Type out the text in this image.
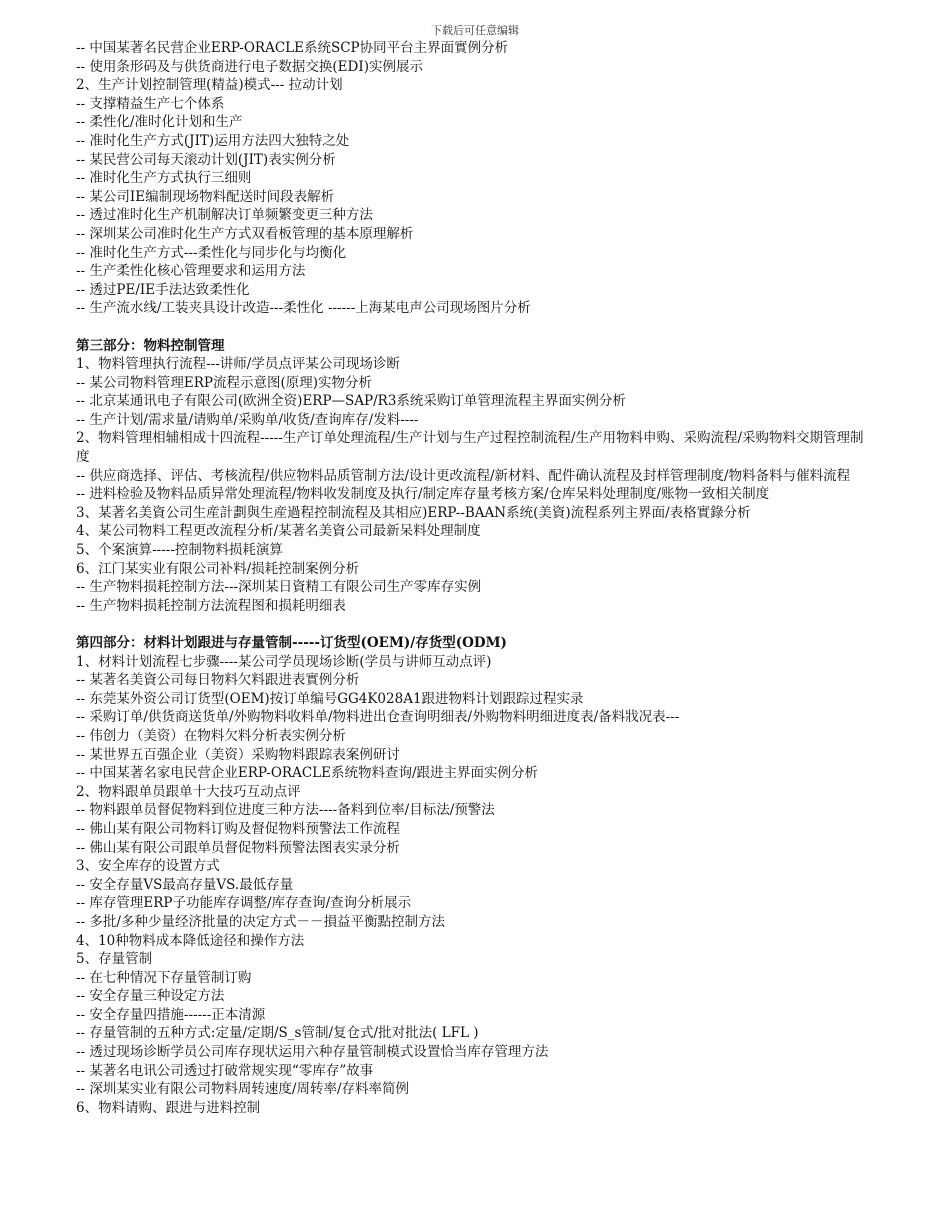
下载后可任意编辑
-- 中国某著名民营企业ERP-ORACLE系统SCP协同平台主界面實例分析
-- 使用条形码及与供货商进行电子数据交换(EDI)实例展示
2、生产计划控制管理(精益)模式--- 拉动计划
-- 支撑精益生产七个体系
-- 柔性化/准时化计划和生产
-- 准时化生产方式(JIT)运用方法四大独特之处
-- 某民营公司每天滚动计划(JIT)表实例分析
-- 准时化生产方式执行三细则
-- 某公司IE编制现场物料配送时间段表解析
-- 透过准时化生产机制解决订单频繁变更三种方法
-- 深圳某公司准时化生产方式双看板管理的基本原理解析
-- 准时化生产方式---柔性化与同步化与均衡化
-- 生产柔性化核心管理要求和运用方法
-- 透过PE/IE手法达致柔性化
-- 生产流水线/工装夹具设计改造---柔性化 ------上海某电声公司现场图片分析
第三部分：物料控制管理
1、物料管理执行流程---讲师/学员点评某公司现场诊断
-- 某公司物料管理ERP流程示意图(原理)实物分析
-- 北京某通讯电子有限公司(欧洲全资)ERP—SAP/R3系统采购订单管理流程主界面实例分析
-- 生产计划/需求量/请购单/采购单/收货/查询库存/发料----
2、物料管理相辅相成十四流程-----生产订单处理流程/生产计划与生产过程控制流程/生产用物料申购、采购流程/采购物料交期管理制度
-- 供应商选择、评估、考核流程/供应物料品质管制方法/设计更改流程/新材料、配件确认流程及封样管理制度/物料备料与催料流程
-- 进料检验及物料品质异常处理流程/物料收发制度及执行/制定库存量考核方案/仓库呆料处理制度/账物一致相关制度
3、某著名美資公司生産計劃與生産過程控制流程及其相应)ERP--BAAN系统(美資)流程系列主界面/表格實錄分析
4、某公司物料工程更改流程分析/某著名美資公司最新呆料处理制度
5、个案演算-----控制物料损耗演算
6、江门某实业有限公司补料/损耗控制案例分析
-- 生产物料损耗控制方法---深圳某日資精工有限公司生产零库存实例
-- 生产物料损耗控制方法流程图和损耗明细表
第四部分：材料计划跟进与存量管制-----订货型(OEM)/存货型(ODM)
1、材料计划流程七步骤----某公司学员现场诊断(学员与讲师互动点评)
-- 某著名美資公司每日物料欠料跟进表實例分析
-- 东莞某外资公司订货型(OEM)按订单编号GG4K028A1跟进物料计划跟踪过程实录
-- 采购订单/供货商送货单/外购物料收料单/物料进出仓查询明细表/外购物料明细进度表/备料戕况表---
-- 伟创力（美资）在物料欠料分析表实例分析
-- 某世界五百强企业（美资）采购物料跟踪表案例研讨
-- 中国某著名家电民营企业ERP-ORACLE系统物料查询/跟进主界面实例分析
2、物料跟单员跟单十大技巧互动点评
-- 物料跟单员督促物料到位进度三种方法----备料到位率/目标法/预警法
-- 佛山某有限公司物料订购及督促物料预警法工作流程
-- 佛山某有限公司跟单员督促物料预警法图表实录分析
3、安全库存的设置方式
-- 安全存量VS最高存量VS.最低存量
-- 库存管理ERP子功能库存调整/库存查询/查询分析展示
-- 多批/多种少量经济批量的决定方式－－損益平衡點控制方法
4、10种物料成本降低途径和操作方法
5、存量管制
-- 在七种情况下存量管制订购
-- 安全存量三种设定方法
-- 安全存量四措施------正本清源
-- 存量管制的五种方式:定量/定期/S_s管制/复仓式/批对批法( LFL )
-- 透过现场诊断学员公司库存现状运用六种存量管制模式设置恰当库存管理方法
-- 某著名电讯公司透过打破常规实现“零库存”故事
-- 深圳某实业有限公司物料周转速度/周转率/存料率简例
6、物料请购、跟进与进料控制
